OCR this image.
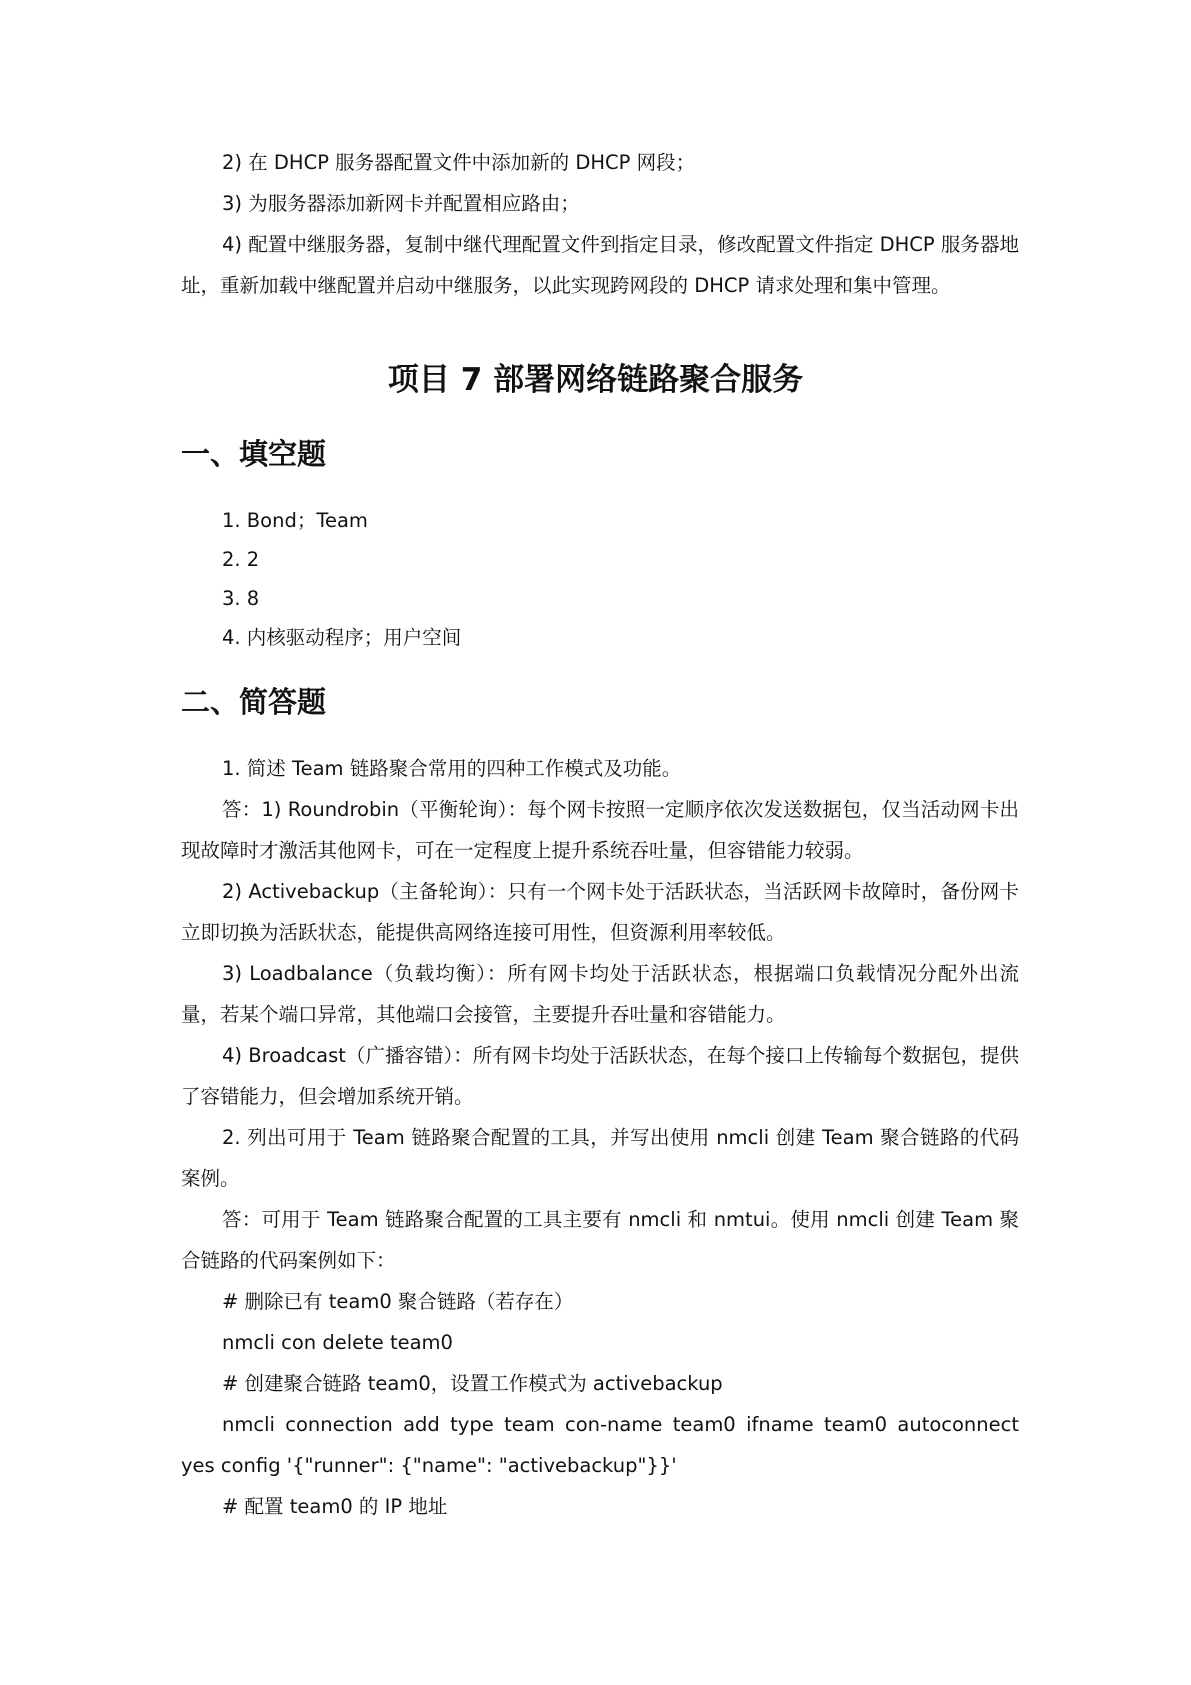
2) 在 DHCP 服务器配置文件中添加新的 DHCP 网段；

3) 为服务器添加新网卡并配置相应路由；

4) 配置中继服务器，复制中继代理配置文件到指定目录，修改配置文件指定 DHCP 服务器地址，重新加载中继配置并启动中继服务，以此实现跨网段的 DHCP 请求处理和集中管理。

项目 7 部署网络链路聚合服务
一、填空题

1. Bond；Team

2. 2

3. 8

4. 内核驱动程序；用户空间

二、简答题

1. 简述 Team 链路聚合常用的四种工作模式及功能。

答：1) Roundrobin（平衡轮询）：每个网卡按照一定顺序依次发送数据包，仅当活动网卡出现故障时才激活其他网卡，可在一定程度上提升系统吞吐量，但容错能力较弱。

2) Activebackup（主备轮询）：只有一个网卡处于活跃状态，当活跃网卡故障时，备份网卡立即切换为活跃状态，能提供高网络连接可用性，但资源利用率较低。

3) Loadbalance（负载均衡）：所有网卡均处于活跃状态，根据端口负载情况分配外出流量，若某个端口异常，其他端口会接管，主要提升吞吐量和容错能力。

4) Broadcast（广播容错）：所有网卡均处于活跃状态，在每个接口上传输每个数据包，提供了容错能力，但会增加系统开销。

2. 列出可用于 Team 链路聚合配置的工具，并写出使用 nmcli 创建 Team 聚合链路的代码案例。

答：可用于 Team 链路聚合配置的工具主要有 nmcli 和 nmtui。使用 nmcli 创建 Team 聚合链路的代码案例如下：

# 删除已有 team0 聚合链路（若存在）

nmcli con delete team0

# 创建聚合链路 team0，设置工作模式为 activebackup

nmcli connection add type team con-name team0 ifname team0 autoconnect yes config '{"runner": {"name": "activebackup"}}'

# 配置 team0 的 IP 地址
